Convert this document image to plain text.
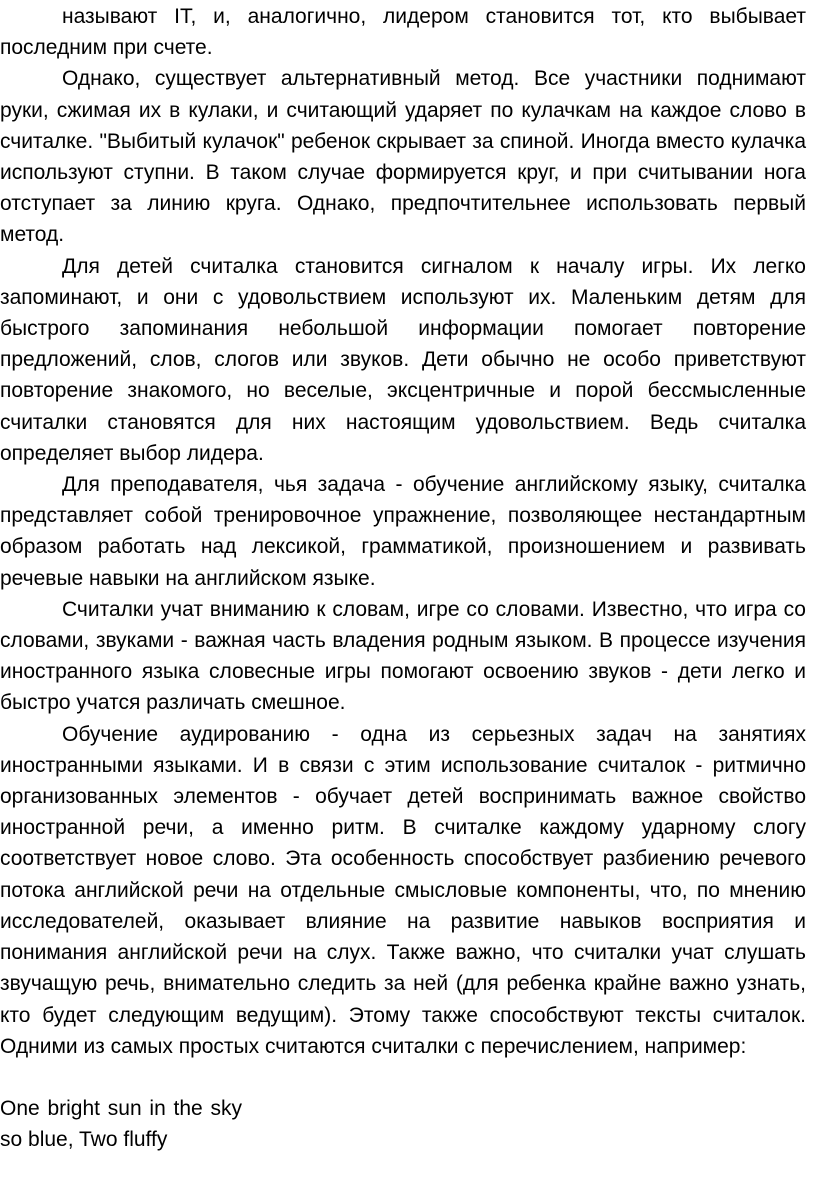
называют IT, и, аналогично, лидером становится тот, кто выбывает последним при счете.

Однако, существует альтернативный метод. Все участники поднимают руки, сжимая их в кулаки, и считающий ударяет по кулачкам на каждое слово в считалке. "Выбитый кулачок" ребенок скрывает за спиной. Иногда вместо кулачка используют ступни. В таком случае формируется круг, и при считывании нога отступает за линию круга. Однако, предпочтительнее использовать первый метод.

Для детей считалка становится сигналом к началу игры. Их легко запоминают, и они с удовольствием используют их. Маленьким детям для быстрого запоминания небольшой информации помогает повторение предложений, слов, слогов или звуков. Дети обычно не особо приветствуют повторение знакомого, но веселые, эксцентричные и порой бессмысленные считалки становятся для них настоящим удовольствием. Ведь считалка определяет выбор лидера.

Для преподавателя, чья задача - обучение английскому языку, считалка представляет собой тренировочное упражнение, позволяющее нестандартным образом работать над лексикой, грамматикой, произношением и развивать речевые навыки на английском языке.

Считалки учат вниманию к словам, игре со словами. Известно, что игра со словами, звуками - важная часть владения родным языком. В процессе изучения иностранного языка словесные игры помогают освоению звуков - дети легко и быстро учатся различать смешное.

Обучение аудированию - одна из серьезных задач на занятиях иностранными языками. И в связи с этим использование считалок - ритмично организованных элементов - обучает детей воспринимать важное свойство иностранной речи, а именно ритм. В считалке каждому ударному слогу соответствует новое слово. Эта особенность способствует разбиению речевого потока английской речи на отдельные смысловые компоненты, что, по мнению исследователей, оказывает влияние на развитие навыков восприятия и понимания английской речи на слух. Также важно, что считалки учат слушать звучащую речь, внимательно следить за ней (для ребенка крайне важно узнать, кто будет следующим ведущим). Этому также способствуют тексты считалок. Одними из самых простых считаются считалки с перечислением, например:

One bright sun in the sky so blue, Two fluffy
